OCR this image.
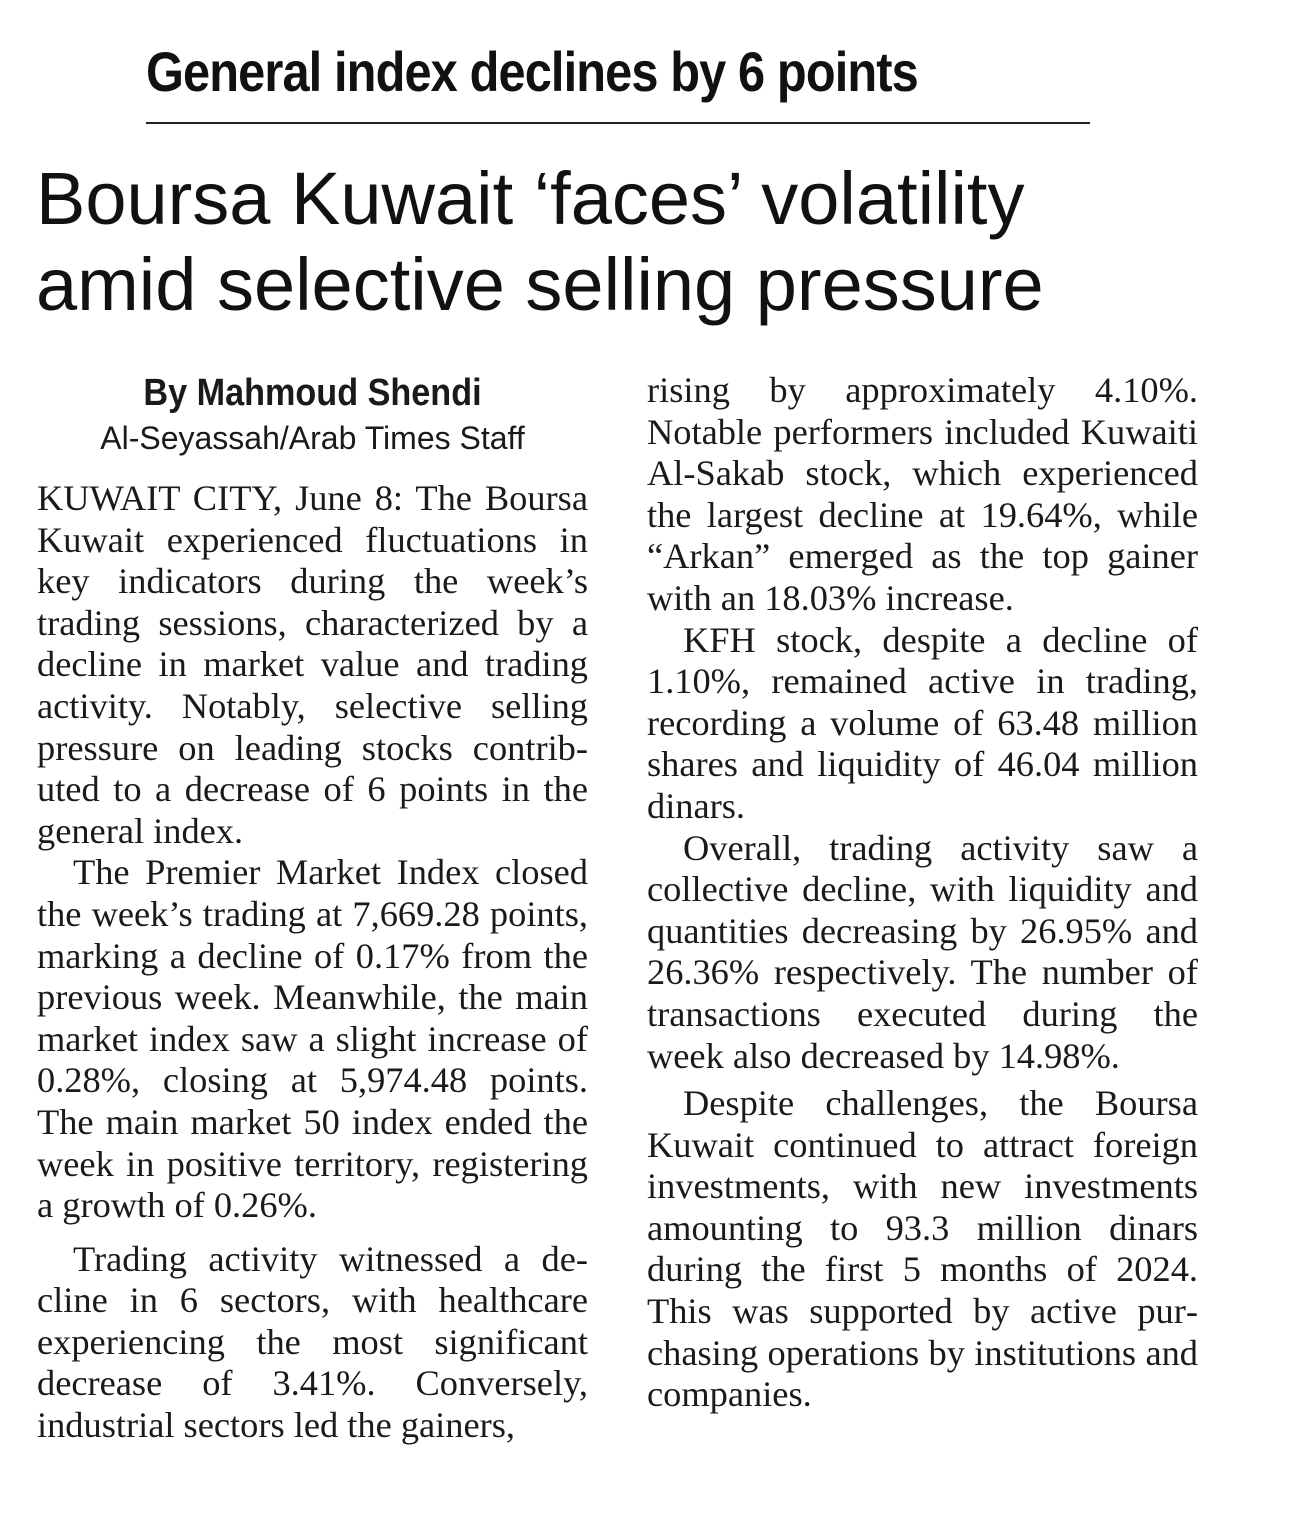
General index declines by 6 points
Boursa Kuwait ‘faces’ volatility
amid selective selling pressure

By Mahmoud Shendi

Al-Seyassah/Arab Times Staff

KUWAIT CITY, June 8: The Boursa Kuwait experienced fluctuations in key indicators during the week’s trading sessions, characterized by a decline in market value and trading activity. Notably, selective selling pressure on leading stocks contributed to a decrease of 6 points in the general index.

The Premier Market Index closed the week’s trading at 7,669.28 points, marking a decline of 0.17% from the previous week. Meanwhile, the main market index saw a slight increase of 0.28%, closing at 5,974.48 points. The main market 50 index ended the week in positive territory, registering a growth of 0.26%.

Trading activity witnessed a decline in 6 sectors, with healthcare experiencing the most significant decrease of 3.41%. Conversely, industrial sectors led the gainers,

rising by approximately 4.10%. Notable performers included Kuwaiti Al-Sakab stock, which experienced the largest decline at 19.64%, while “Arkan” emerged as the top gainer with an 18.03% increase.

KFH stock, despite a decline of 1.10%, remained active in trading, recording a volume of 63.48 million shares and liquidity of 46.04 million dinars.

Overall, trading activity saw a collective decline, with liquidity and quantities decreasing by 26.95% and 26.36% respectively. The number of transactions executed during the week also decreased by 14.98%.

Despite challenges, the Boursa Kuwait continued to attract foreign investments, with new investments amounting to 93.3 million dinars during the first 5 months of 2024. This was supported by active purchasing operations by institutions and companies.
